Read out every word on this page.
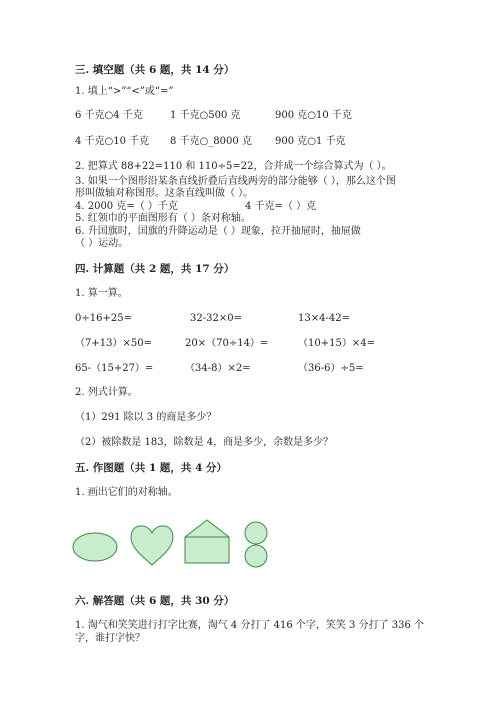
三. 填空题（共 6 题，共 14 分）
1. 填上“>”“<”或“=”
6 千克○4 千克	1 千克○500 克	900 克○10 千克
4 千克○10 千克 8 千克○_8000 克 900 克○1 千克
2. 把算式 88+22=110 和 110÷5=22，合并成一个综合算式为（ ）。
3. 如果一个图形沿某条直线折叠后直线两旁的部分能够（ ），那么这个图
形叫做轴对称图形。这条直线叫做（ ）。
4. 2000 克=（ ）千克	4 千克=（ ）克
5. 红领巾的平面图形有（ ）条对称轴。
6. 升国旗时，国旗的升降运动是（ ）现象，拉开抽屉时，抽屉做
（ ）运动。
四. 计算题（共 2 题，共 17 分）
1. 算一算。
0÷16+25=	32-32×0=	13×4-42=
（7+13）×50=	20×（70÷14）=	（10+15）×4=
65-（15+27）=	（34-8）×2=	（36-6）÷5=
2. 列式计算。
（1）291 除以 3 的商是多少？
（2）被除数是 183，除数是 4，商是多少，余数是多少？
五. 作图题（共 1 题，共 4 分）
1. 画出它们的对称轴。
六. 解答题（共 6 题，共 30 分）
1. 淘气和笑笑进行打字比赛，淘气 4 分打了 416 个字，笑笑 3 分打了 336 个
字，谁打字快？
